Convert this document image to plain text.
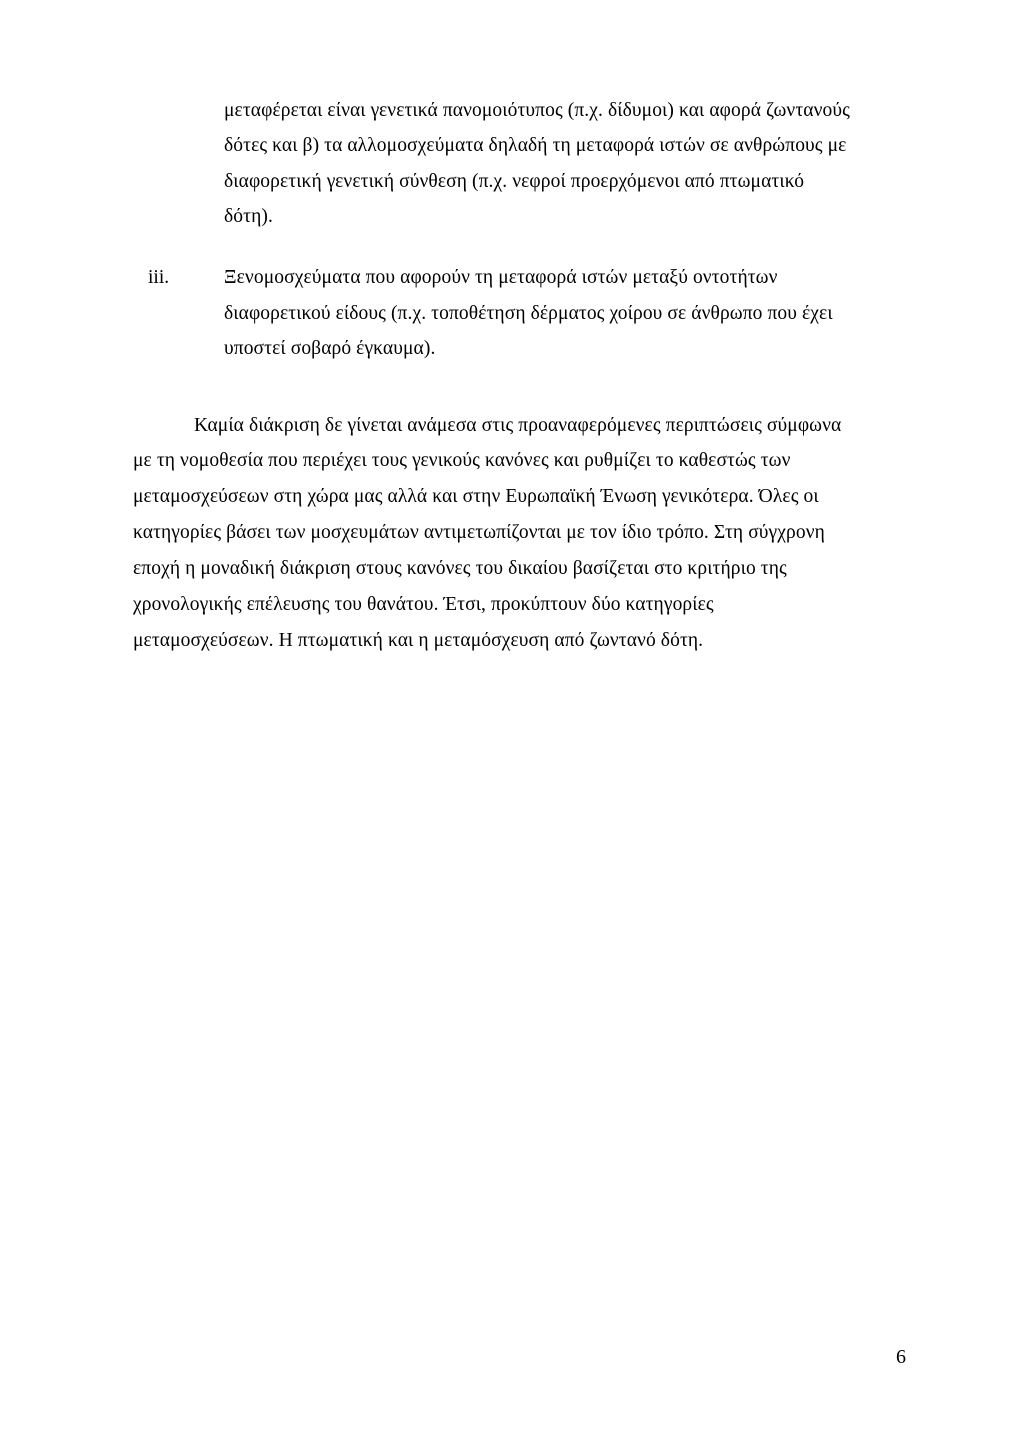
μεταφέρεται είναι γενετικά πανομοιότυπος (π.χ. δίδυμοι) και αφορά ζωντανούς
δότες και β) τα αλλομοσχεύματα δηλαδή τη μεταφορά ιστών σε ανθρώπους με
διαφορετική γενετική σύνθεση (π.χ. νεφροί προερχόμενοι από πτωματικό
δότη).
iii.	Ξενομοσχεύματα που αφορούν τη μεταφορά ιστών μεταξύ οντοτήτων
διαφορετικού είδους (π.χ. τοποθέτηση δέρματος χοίρου σε άνθρωπο που έχει
υποστεί σοβαρό έγκαυμα).
Καμία διάκριση δε γίνεται ανάμεσα στις προαναφερόμενες περιπτώσεις σύμφωνα
με τη νομοθεσία που περιέχει τους γενικούς κανόνες και ρυθμίζει το καθεστώς των
μεταμοσχεύσεων στη χώρα μας αλλά και στην Ευρωπαϊκή Ένωση γενικότερα. Όλες οι
κατηγορίες βάσει των μοσχευμάτων αντιμετωπίζονται με τον ίδιο τρόπο. Στη σύγχρονη
εποχή η μοναδική διάκριση στους κανόνες του δικαίου βασίζεται στο κριτήριο της
χρονολογικής επέλευσης του θανάτου. Έτσι, προκύπτουν δύο κατηγορίες
μεταμοσχεύσεων. Η πτωματική και η μεταμόσχευση από ζωντανό δότη.
6
